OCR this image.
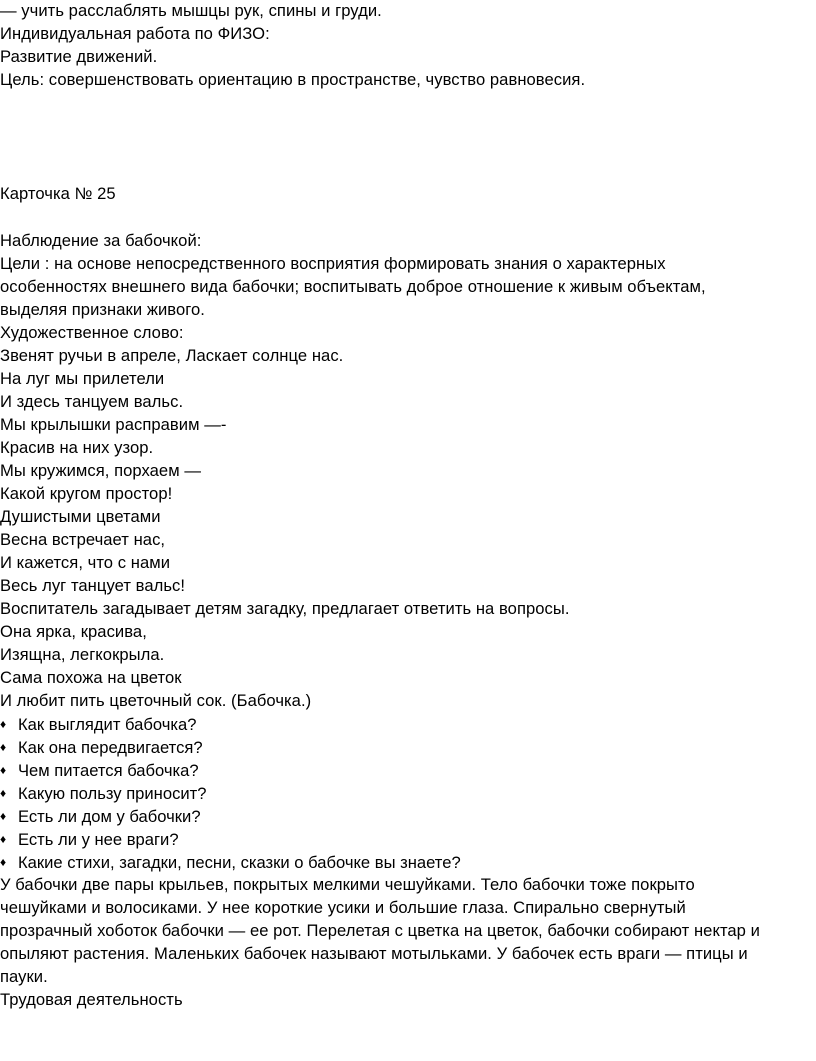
— учить расслаблять мышцы рук, спины и груди.
Индивидуальная работа по ФИЗО:
Развитие движений.
Цель: совершенствовать ориентацию в пространстве, чувство равновесия.
Карточка № 25
Наблюдение за бабочкой:
Цели : на основе непосредственного восприятия формировать знания о характерных
особенностях внешнего вида бабочки; воспитывать доброе отношение к живым объектам,
выделяя признаки живого.
Художественное слово:
Звенят ручьи в апреле, Ласкает солнце нас.
На луг мы прилетели
И здесь танцуем вальс.
Мы крылышки расправим —-
Красив на них узор.
Мы кружимся, порхаем —
Какой кругом простор!
Душистыми цветами
Весна встречает нас,
И кажется, что с нами
Весь луг танцует вальс!
Воспитатель загадывает детям загадку, предлагает ответить на вопросы.
Она ярка, красива,
Изящна, легкокрыла.
Сама похожа на цветок
И любит пить цветочный сок. (Бабочка.)
♦ Как выглядит бабочка?
♦ Как она передвигается?
♦ Чем питается бабочка?
♦ Какую пользу приносит?
♦ Есть ли дом у бабочки?
♦ Есть ли у нее враги?
♦ Какие стихи, загадки, песни, сказки о бабочке вы знаете?
У бабочки две пары крыльев, покрытых мелкими чешуйками. Тело бабочки тоже покрыто
чешуйками и волосиками. У нее короткие усики и большие глаза. Спирально свернутый
прозрачный хоботок бабочки — ее рот. Перелетая с цветка на цветок, бабочки собирают нектар и
опыляют растения. Маленьких бабочек называют мотыльками. У бабочек есть враги — птицы и
пауки.
Трудовая деятельность
